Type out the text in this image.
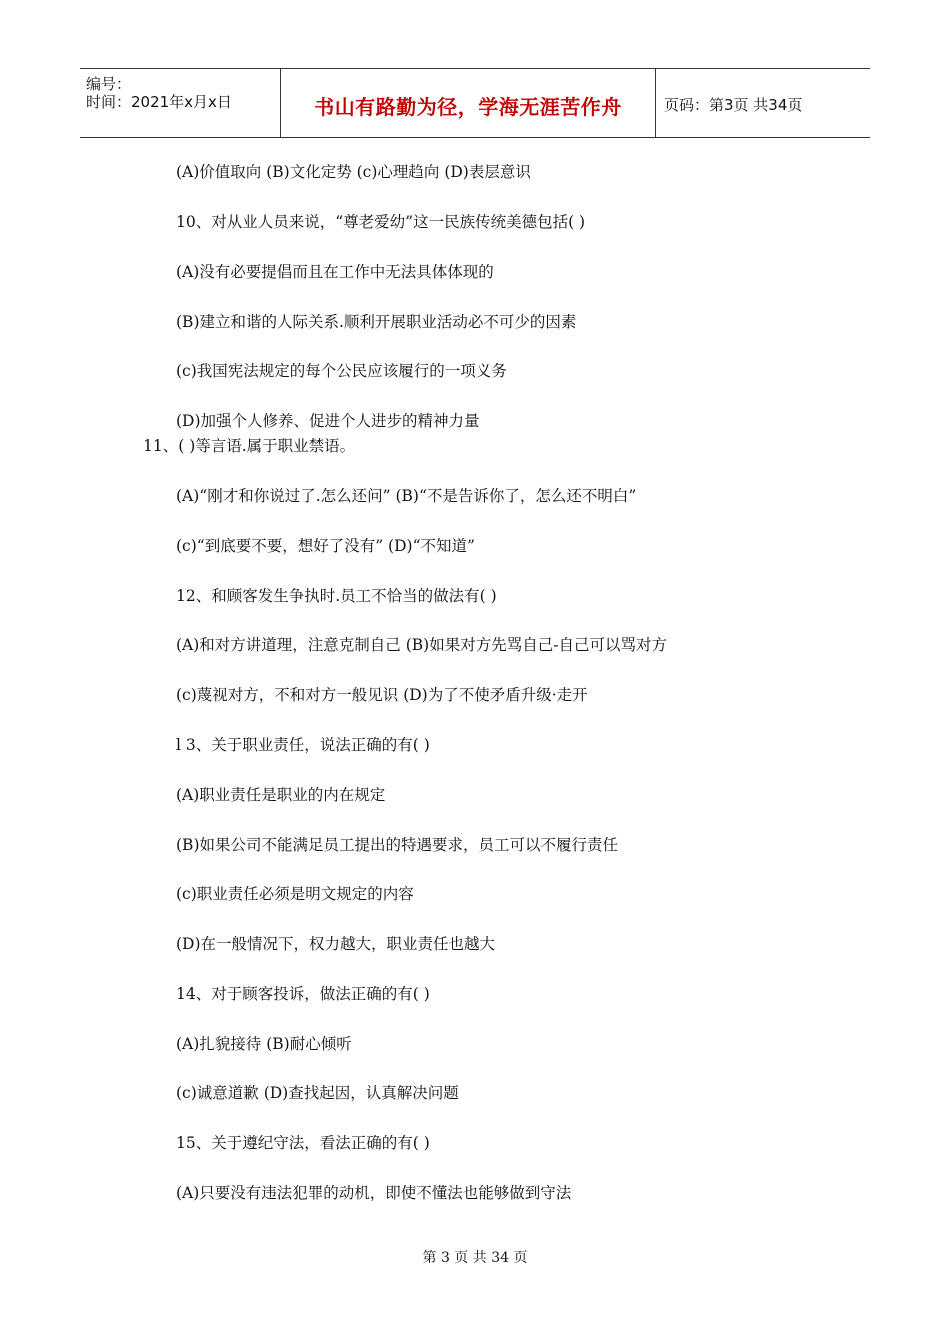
编号：
时间：2021年x月x日	书山有路勤为径，学海无涯苦作舟	页码：第3页 共34页
(A)价值取向 (B)文化定势 (c)心理趋向 (D)表层意识
10、对从业人员来说，“尊老爱幼”这一民族传统美德包括( )
(A)没有必要提倡而且在工作中无法具体体现的
(B)建立和谐的人际关系.顺利开展职业活动必不可少的因素
(c)我国宪法规定的每个公民应该履行的一项义务
(D)加强个人修养、促进个人进步的精神力量
11、( )等言语.属于职业禁语。
(A)“刚才和你说过了.怎么还问” (B)“不是告诉你了，怎么还不明白”
(c)“到底要不要，想好了没有” (D)“不知道”
12、和顾客发生争执时.员工不恰当的做法有( )
(A)和对方讲道理，注意克制自己 (B)如果对方先骂自己-自己可以骂对方
(c)蔑视对方，不和对方一般见识 (D)为了不使矛盾升级·走开
l 3、关于职业责任，说法正确的有( )
(A)职业责任是职业的内在规定
(B)如果公司不能满足员工提出的特遇要求，员工可以不履行责任
(c)职业责任必须是明文规定的内容
(D)在一般情况下，权力越大，职业责任也越大
14、对于顾客投诉，做法正确的有( )
(A)扎貌接待 (B)耐心倾听
(c)诚意道歉 (D)查找起因，认真解决问题
15、关于遵纪守法，看法正确的有( )
(A)只要没有违法犯罪的动机，即使不懂法也能够做到守法
第 3 页 共 34 页
